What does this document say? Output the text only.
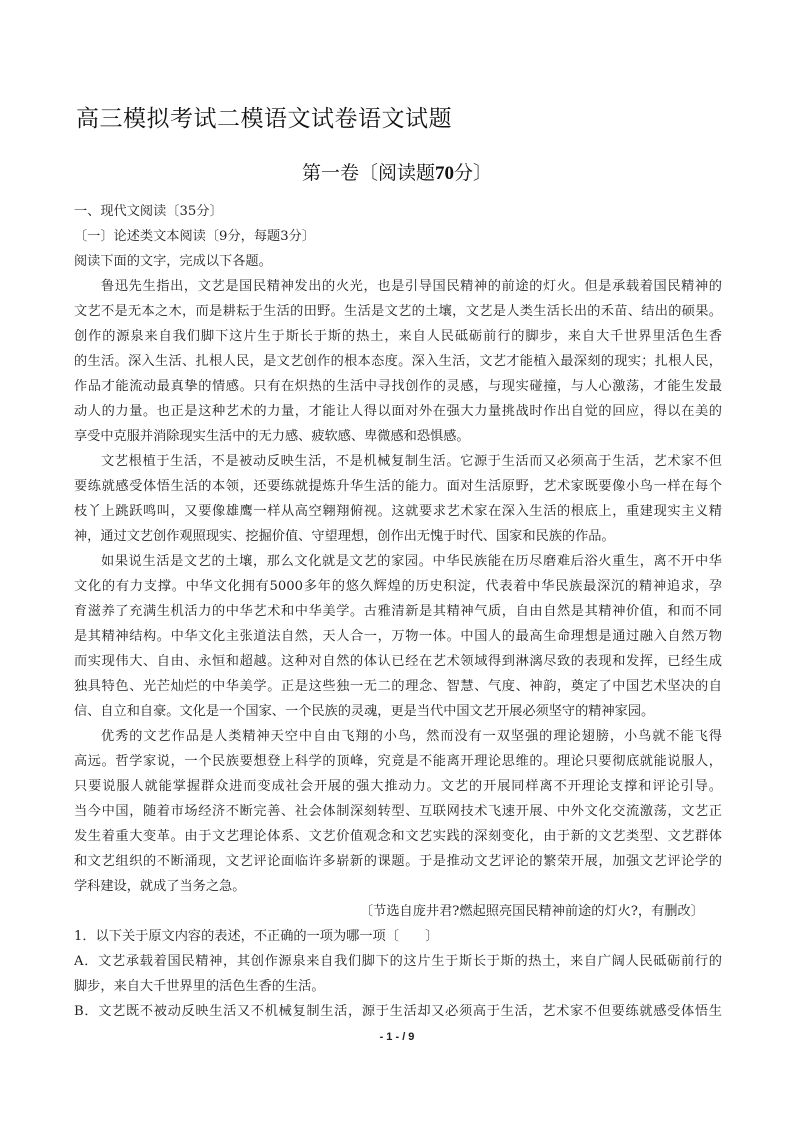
高三模拟考试二模语文试卷语文试题
第一卷〔阅读题70分〕
一、现代文阅读〔35分〕
〔一〕论述类文本阅读〔9分，每题3分〕
阅读下面的文字，完成以下各题。
鲁迅先生指出，文艺是国民精神发出的火光，也是引导国民精神的前途的灯火。但是承载着国民精神的
文艺不是无本之木，而是耕耘于生活的田野。生活是文艺的土壤，文艺是人类生活长出的禾苗、结出的硕果。
创作的源泉来自我们脚下这片生于斯长于斯的热土，来自人民砥砺前行的脚步，来自大千世界里活色生香
的生活。深入生活、扎根人民，是文艺创作的根本态度。深入生活，文艺才能植入最深刻的现实；扎根人民，
作品才能流动最真挚的情感。只有在炽热的生活中寻找创作的灵感，与现实碰撞，与人心激荡，才能生发最
动人的力量。也正是这种艺术的力量，才能让人得以面对外在强大力量挑战时作出自觉的回应，得以在美的
享受中克服并消除现实生活中的无力感、疲软感、卑微感和恐惧感。
文艺根植于生活，不是被动反映生活，不是机械复制生活。它源于生活而又必须高于生活，艺术家不但
要练就感受体悟生活的本领，还要练就提炼升华生活的能力。面对生活原野，艺术家既要像小鸟一样在每个
枝丫上跳跃鸣叫，又要像雄鹰一样从高空翱翔俯视。这就要求艺术家在深入生活的根底上，重建现实主义精
神，通过文艺创作观照现实、挖掘价值、守望理想，创作出无愧于时代、国家和民族的作品。
如果说生活是文艺的土壤，那么文化就是文艺的家园。中华民族能在历尽磨难后浴火重生，离不开中华
文化的有力支撑。中华文化拥有5000多年的悠久辉煌的历史积淀，代表着中华民族最深沉的精神追求，孕
育滋养了充满生机活力的中华艺术和中华美学。古雅清新是其精神气质，自由自然是其精神价值，和而不同
是其精神结构。中华文化主张道法自然，天人合一，万物一体。中国人的最高生命理想是通过融入自然万物
而实现伟大、自由、永恒和超越。这种对自然的体认已经在艺术领域得到淋漓尽致的表现和发挥，已经生成
独具特色、光芒灿烂的中华美学。正是这些独一无二的理念、智慧、气度、神韵，奠定了中国艺术坚决的自
信、自立和自豪。文化是一个国家、一个民族的灵魂，更是当代中国文艺开展必须坚守的精神家园。
优秀的文艺作品是人类精神天空中自由飞翔的小鸟，然而没有一双坚强的理论翅膀，小鸟就不能飞得
高远。哲学家说，一个民族要想登上科学的顶峰，究竟是不能离开理论思维的。理论只要彻底就能说服人，
只要说服人就能掌握群众进而变成社会开展的强大推动力。文艺的开展同样离不开理论支撑和评论引导。
当今中国，随着市场经济不断完善、社会体制深刻转型、互联网技术飞速开展、中外文化交流激荡，文艺正
发生着重大变革。由于文艺理论体系、文艺价值观念和文艺实践的深刻变化，由于新的文艺类型、文艺群体
和文艺组织的不断涌现，文艺评论面临许多崭新的课题。于是推动文艺评论的繁荣开展，加强文艺评论学的
学科建设，就成了当务之急。
〔节选自庞井君?燃起照亮国民精神前途的灯火?，有删改〕
1．以下关于原文内容的表述，不正确的一项为哪一项〔　　〕
A．文艺承载着国民精神，其创作源泉来自我们脚下的这片生于斯长于斯的热土，来自广阔人民砥砺前行的
脚步，来自大千世界里的活色生香的生活。
B．文艺既不被动反映生活又不机械复制生活，源于生活却又必须高于生活，艺术家不但要练就感受体悟生
- 1 - / 9
